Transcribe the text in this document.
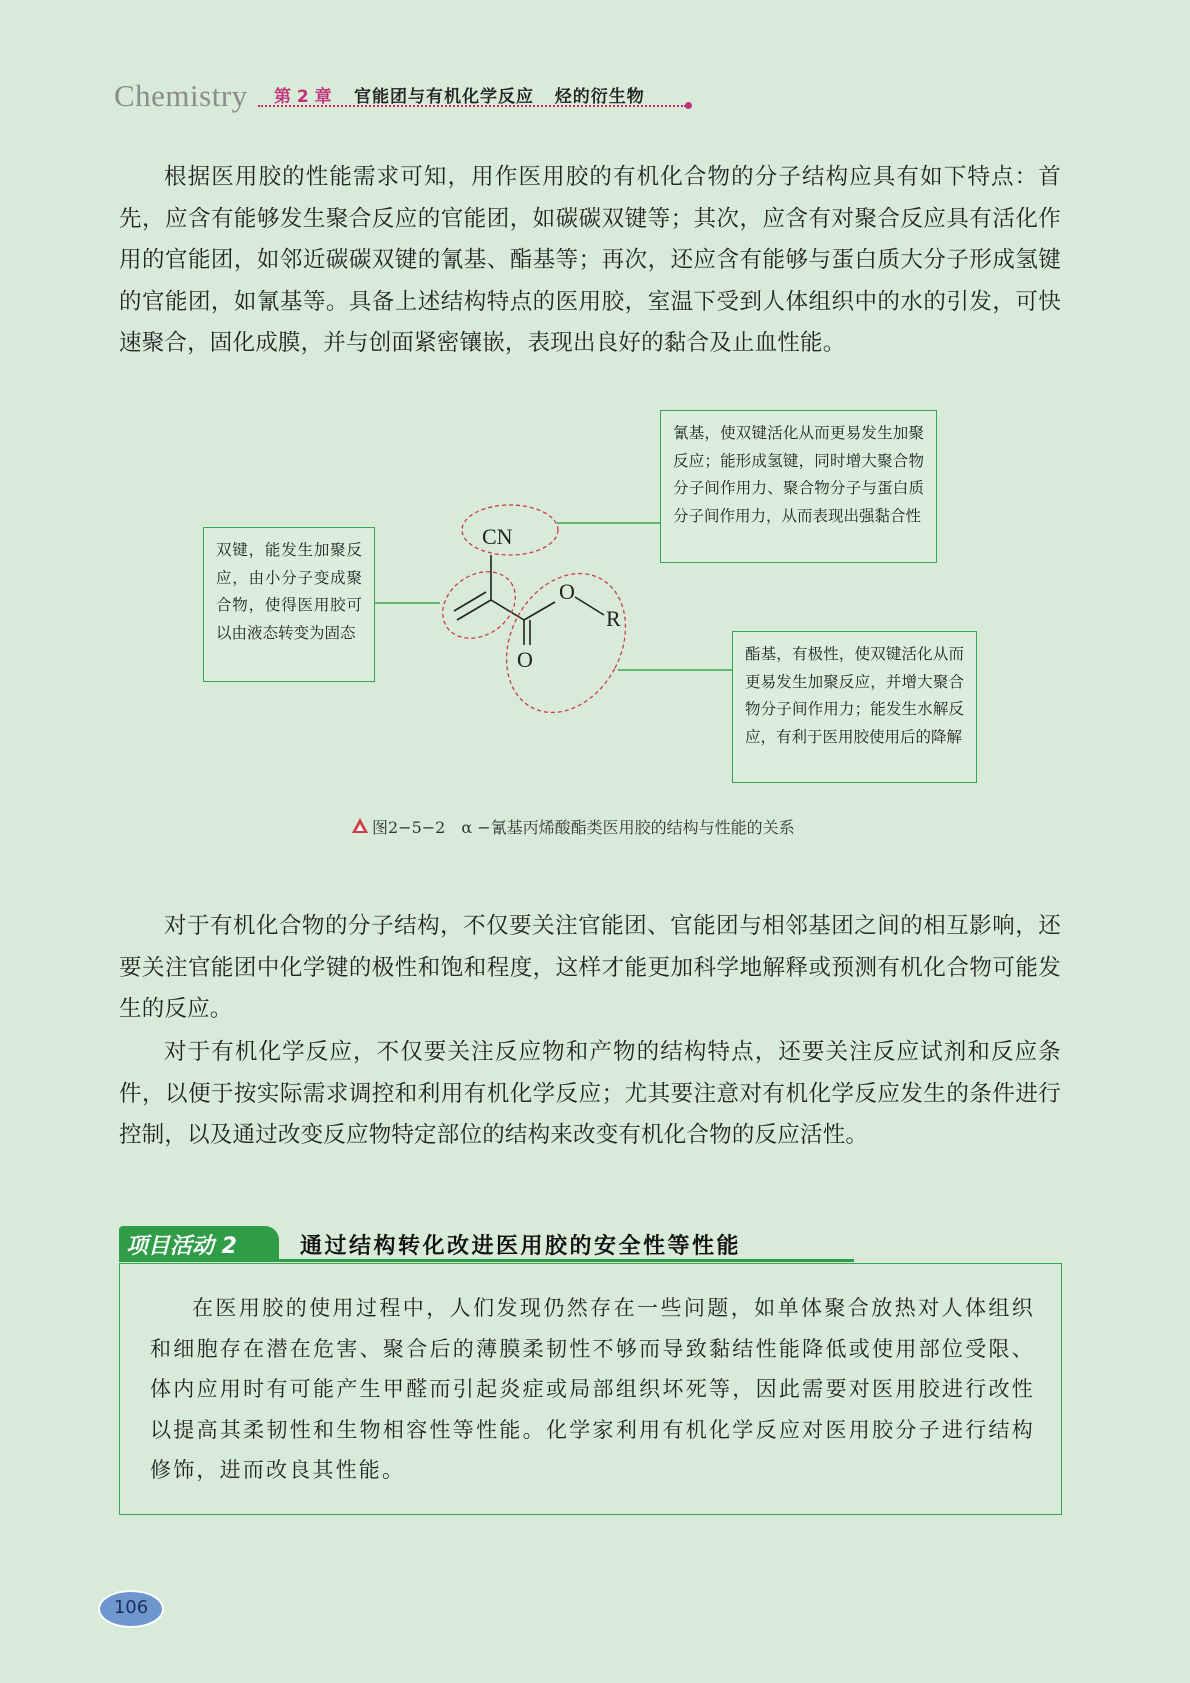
Chemistry 第 2 章 官能团与有机化学反应   烃的衍生物

根据医用胶的性能需求可知，用作医用胶的有机化合物的分子结构应具有如下特点：首先，应含有能够发生聚合反应的官能团，如碳碳双键等；其次，应含有对聚合反应具有活化作用的官能团，如邻近碳碳双键的氰基、酯基等；再次，还应含有能够与蛋白质大分子形成氢键的官能团，如氰基等。具备上述结构特点的医用胶，室温下受到人体组织中的水的引发，可快速聚合，固化成膜，并与创面紧密镶嵌，表现出良好的黏合及止血性能。

CN
O
R
O
双键，能发生加聚反应，由小分子变成聚合物，使得医用胶可以由液态转变为固态
氰基，使双键活化从而更易发生加聚反应；能形成氢键，同时增大聚合物分子间作用力、聚合物分子与蛋白质分子间作用力，从而表现出强黏合性
酯基，有极性，使双键活化从而更易发生加聚反应，并增大聚合物分子间作用力；能发生水解反应，有利于医用胶使用后的降解
图2−5−2　α −氰基丙烯酸酯类医用胶的结构与性能的关系

对于有机化合物的分子结构，不仅要关注官能团、官能团与相邻基团之间的相互影响，还要关注官能团中化学键的极性和饱和程度，这样才能更加科学地解释或预测有机化合物可能发生的反应。

对于有机化学反应，不仅要关注反应物和产物的结构特点，还要关注反应试剂和反应条件，以便于按实际需求调控和利用有机化学反应；尤其要注意对有机化学反应发生的条件进行控制，以及通过改变反应物特定部位的结构来改变有机化合物的反应活性。

项目活动 2	通过结构转化改进医用胶的安全性等性能

在医用胶的使用过程中，人们发现仍然存在一些问题，如单体聚合放热对人体组织和细胞存在潜在危害、聚合后的薄膜柔韧性不够而导致黏结性能降低或使用部位受限、体内应用时有可能产生甲醛而引起炎症或局部组织坏死等，因此需要对医用胶进行改性以提高其柔韧性和生物相容性等性能。化学家利用有机化学反应对医用胶分子进行结构修饰，进而改良其性能。

106
